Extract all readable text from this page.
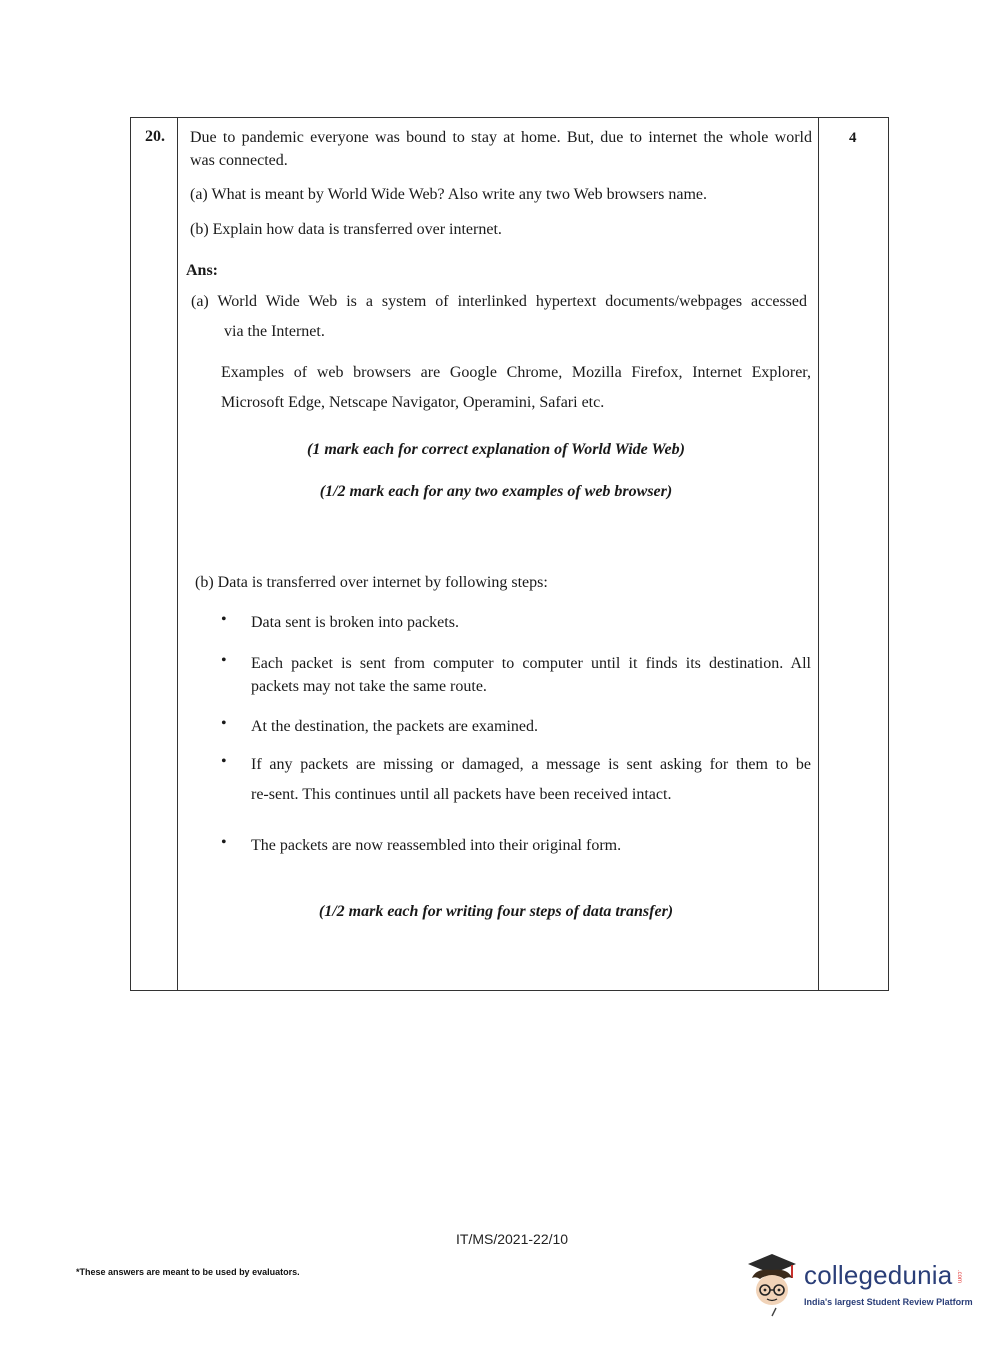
20.	4
Due to pandemic everyone was bound to stay at home. But, due to internet the whole world
was connected.
(a) What is meant by World Wide Web? Also write any two Web browsers name.
(b) Explain how data is transferred over internet.
Ans:
(a) World Wide Web is a system of interlinked hypertext documents/webpages accessed
via the Internet.
Examples of web browsers are Google Chrome, Mozilla Firefox, Internet Explorer,
Microsoft Edge, Netscape Navigator, Operamini, Safari etc.
(1 mark each for correct explanation of World Wide Web)
(1/2 mark each for any two examples of web browser)
(b) Data is transferred over internet by following steps:
• Data sent is broken into packets.
• Each packet is sent from computer to computer until it finds its destination. All
packets may not take the same route.
• At the destination, the packets are examined.
• If any packets are missing or damaged, a message is sent asking for them to be
re-sent. This continues until all packets have been received intact.
• The packets are now reassembled into their original form.
(1/2 mark each for writing four steps of data transfer)
IT/MS/2021-22/10
*These answers are meant to be used by evaluators.	collegedunia .com
India's largest Student Review Platform
